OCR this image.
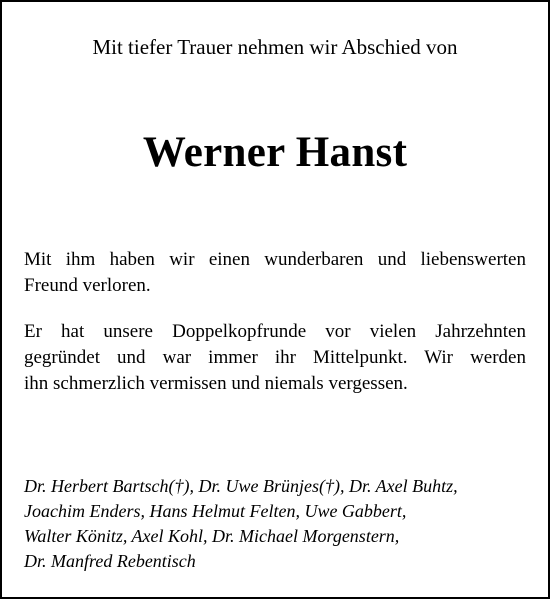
Mit tiefer Trauer nehmen wir Abschied von
Werner Hanst

Mit ihm haben wir einen wunderbaren und liebenswerten
Freund verloren.

Er hat unsere Doppelkopfrunde vor vielen Jahrzehnten
gegründet und war immer ihr Mittelpunkt. Wir werden
ihn schmerzlich vermissen und niemals vergessen.

Dr. Herbert Bartsch(†), Dr. Uwe Brünjes(†), Dr. Axel Buhtz,
Joachim Enders, Hans Helmut Felten, Uwe Gabbert,
Walter Könitz, Axel Kohl, Dr. Michael Morgenstern,
Dr. Manfred Rebentisch
